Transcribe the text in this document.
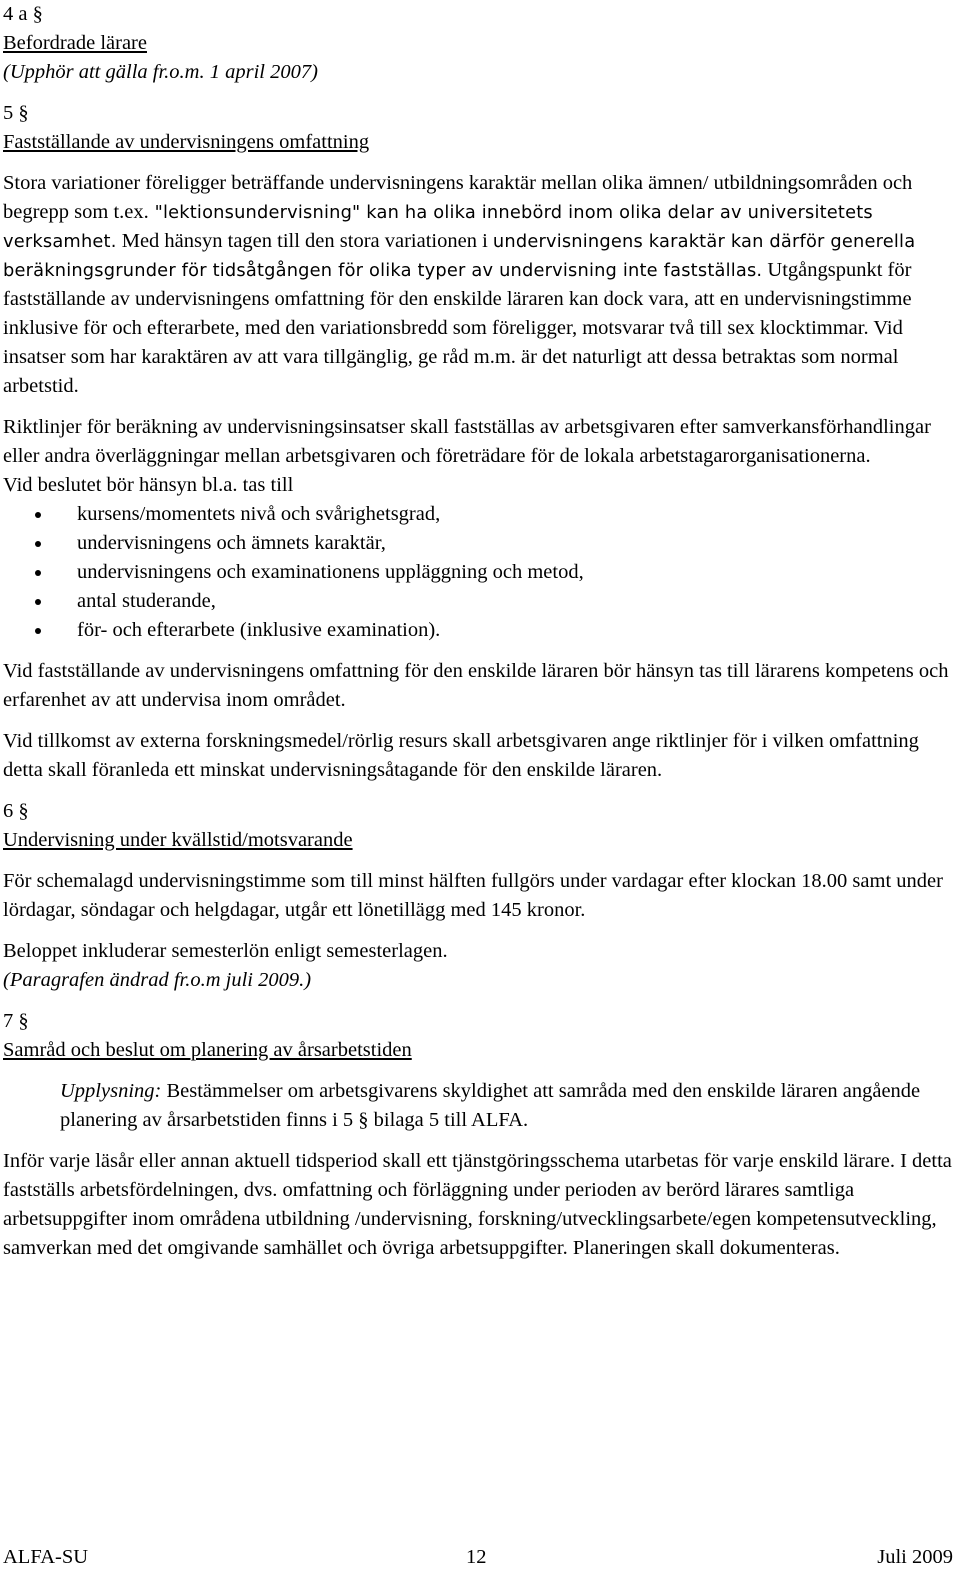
4 a §

Befordrade lärare

(Upphör att gälla fr.o.m. 1 april 2007)

5 §

Fastställande av undervisningens omfattning

Stora variationer föreligger beträffande undervisningens karaktär mellan olika ämnen/ utbildningsområden och begrepp som t.ex. "lektionsundervisning" kan ha olika innebörd inom olika delar av universitetets verksamhet. Med hänsyn tagen till den stora variationen i undervisningens karaktär kan därför generella beräkningsgrunder för tidsåtgången för olika typer av undervisning inte fastställas. Utgångspunkt för fastställande av undervisningens omfattning för den enskilde läraren kan dock vara, att en undervisningstimme inklusive för och efterarbete, med den variationsbredd som föreligger, motsvarar två till sex klocktimmar. Vid insatser som har karaktären av att vara tillgänglig, ge råd m.m. är det naturligt att dessa betraktas som normal arbetstid.

Riktlinjer för beräkning av undervisningsinsatser skall fastställas av arbetsgivaren efter samverkansförhandlingar eller andra överläggningar mellan arbetsgivaren och företrädare för de lokala arbetstagarorganisationerna.

Vid beslutet bör hänsyn bl.a. tas till

kursens/momentets nivå och svårighetsgrad,
undervisningens och ämnets karaktär,
undervisningens och examinationens uppläggning och metod,
antal studerande,
för- och efterarbete (inklusive examination).

Vid fastställande av undervisningens omfattning för den enskilde läraren bör hänsyn tas till lärarens kompetens och erfarenhet av att undervisa inom området.

Vid tillkomst av externa forskningsmedel/rörlig resurs skall arbetsgivaren ange riktlinjer för i vilken omfattning detta skall föranleda ett minskat undervisningsåtagande för den enskilde läraren.

6 §

Undervisning under kvällstid/motsvarande

För schemalagd undervisningstimme som till minst hälften fullgörs under vardagar efter klockan 18.00 samt under lördagar, söndagar och helgdagar, utgår ett lönetillägg med 145 kronor.

Beloppet inkluderar semesterlön enligt semesterlagen.

(Paragrafen ändrad fr.o.m juli 2009.)

7 §

Samråd och beslut om planering av årsarbetstiden

Upplysning: Bestämmelser om arbetsgivarens skyldighet att samråda med den enskilde läraren angående planering av årsarbetstiden finns i 5 § bilaga 5 till ALFA.

Inför varje läsår eller annan aktuell tidsperiod skall ett tjänstgöringsschema utarbetas för varje enskild lärare. I detta fastställs arbetsfördelningen, dvs. omfattning och förläggning under perioden av berörd lärares samtliga arbetsuppgifter inom områdena utbildning /undervisning, forskning/utvecklingsarbete/egen kompetensutveckling, samverkan med det omgivande samhället och övriga arbetsuppgifter. Planeringen skall dokumenteras.

ALFA-SU	12	Juli 2009
